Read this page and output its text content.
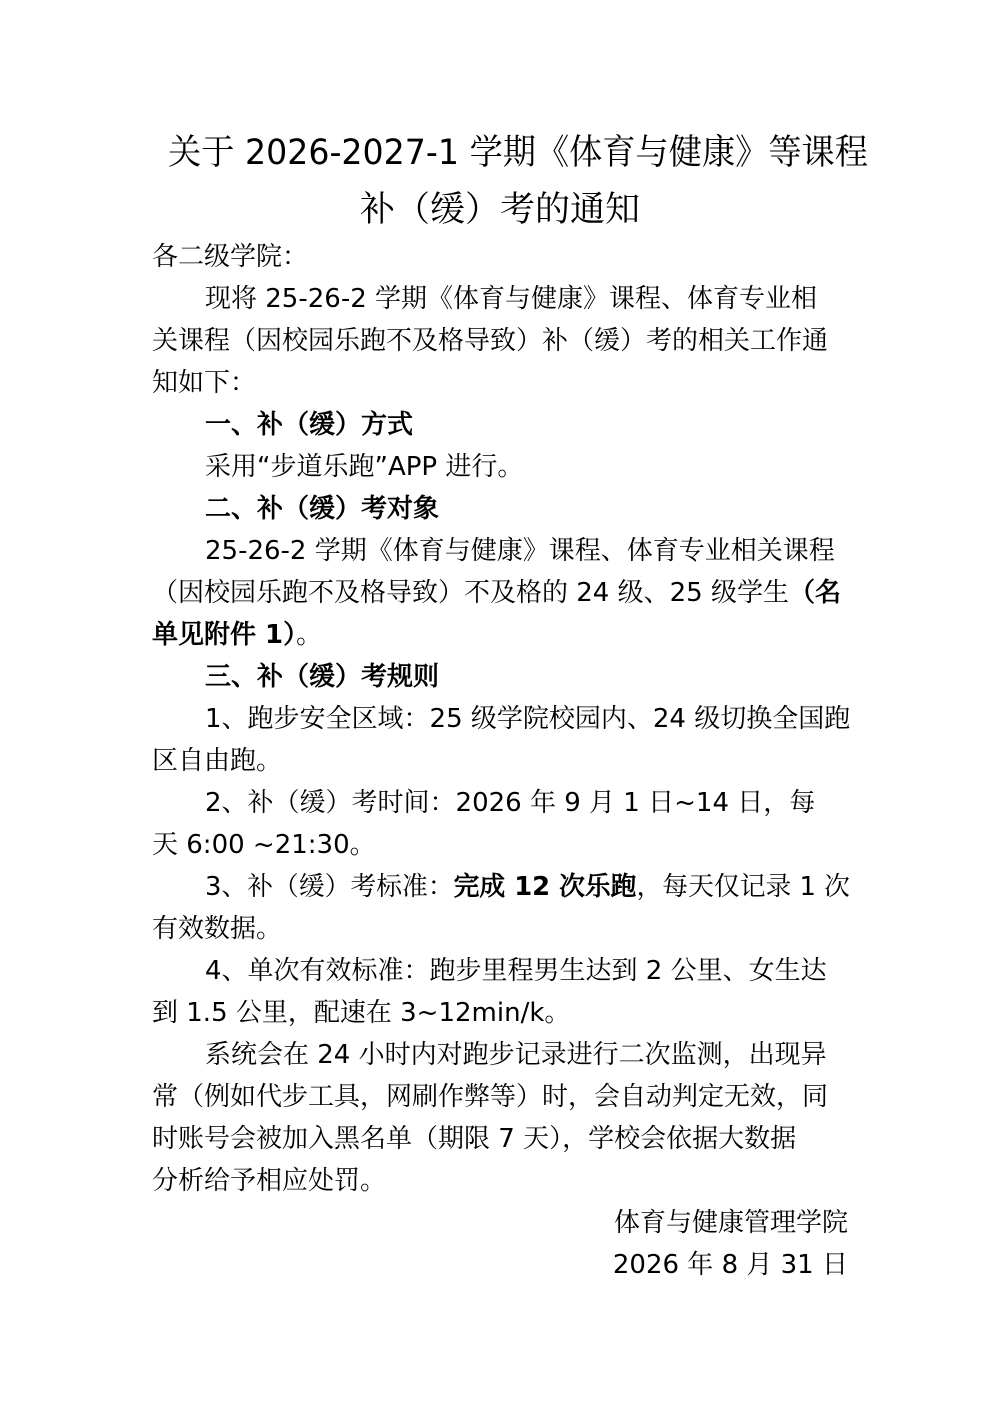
关于 2026-2027-1 学期《体育与健康》等课程
补（缓）考的通知
各二级学院：
现将 25-26-2 学期《体育与健康》课程、体育专业相
关课程（因校园乐跑不及格导致）补（缓）考的相关工作通
知如下：
一、补（缓）方式
采用“步道乐跑”APP 进行。
二、补（缓）考对象
25-26-2 学期《体育与健康》课程、体育专业相关课程
（因校园乐跑不及格导致）不及格的 24 级、25 级学生（名
单见附件 1）。
三、补（缓）考规则
1、跑步安全区域：25 级学院校园内、24 级切换全国跑
区自由跑。
2、补（缓）考时间：2026 年 9 月 1 日~14 日，每
天 6:00 ~21:30。
3、补（缓）考标准：完成 12 次乐跑，每天仅记录 1 次
有效数据。
4、单次有效标准：跑步里程男生达到 2 公里、女生达
到 1.5 公里，配速在 3~12min/k。
系统会在 24 小时内对跑步记录进行二次监测，出现异
常（例如代步工具，网刷作弊等）时，会自动判定无效，同
时账号会被加入黑名单（期限 7 天），学校会依据大数据
分析给予相应处罚。
体育与健康管理学院
2026 年 8 月 31 日
